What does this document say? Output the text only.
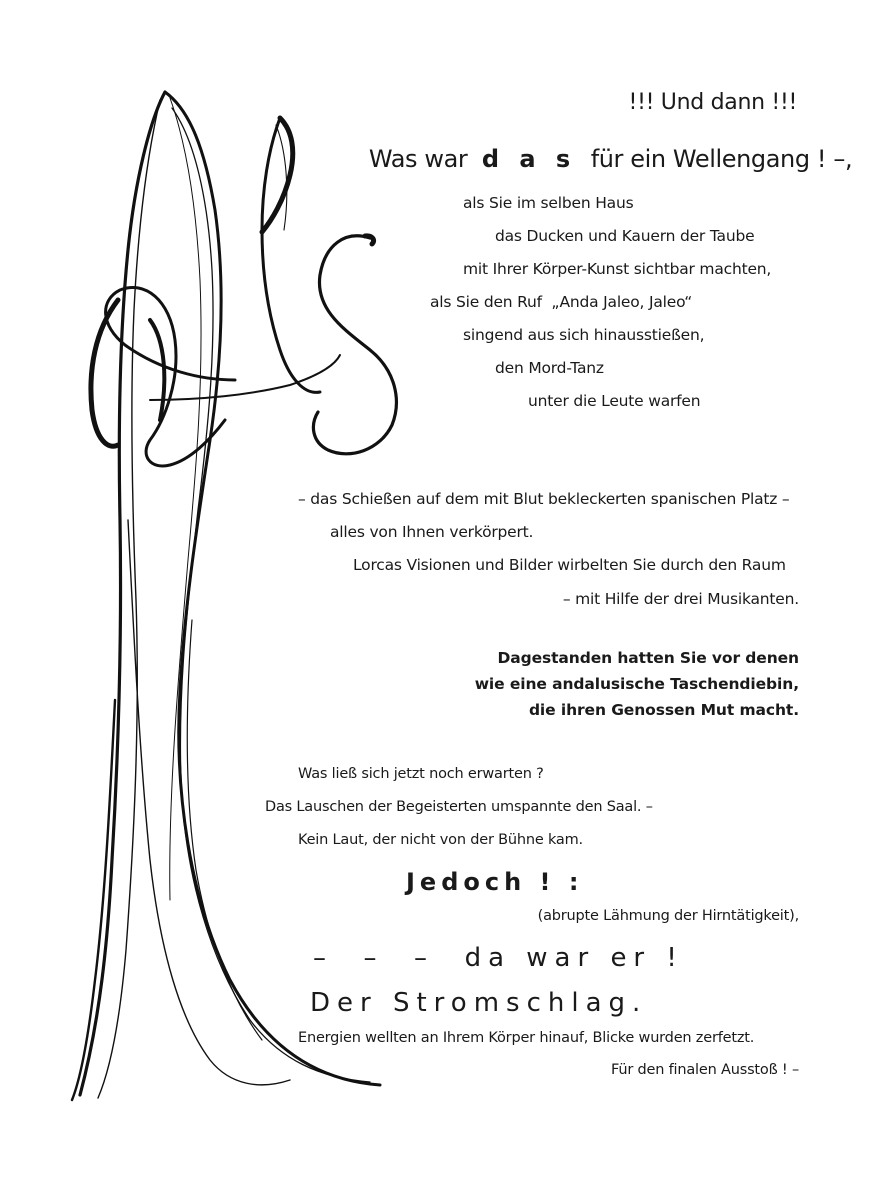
!!! Und dann !!!

Was war d a s für ein Wellengang ! –,

als Sie im selben Haus
das Ducken und Kauern der Taube
mit Ihrer Körper-Kunst sichtbar machten,
als Sie den Ruf  „Anda Jaleo, Jaleo“
singend aus sich hinausstießen,
den Mord-Tanz
unter die Leute warfen
– das Schießen auf dem mit Blut bekleckerten spanischen Platz –
alles von Ihnen verkörpert.
Lorcas Visionen und Bilder wirbelten Sie durch den Raum
– mit Hilfe der drei Musikanten.
Dagestanden hatten Sie vor denen
wie eine andalusische Taschendiebin,
die ihren Genossen Mut macht.
Was ließ sich jetzt noch erwarten ?
Das Lauschen der Begeisterten umspannte den Saal. –
Kein Laut, der nicht von der Bühne kam.
Jedoch ! :
(abrupte Lähmung der Hirntätigkeit),
–  –  –  da war er !
Der Stromschlag.
Energien wellten an Ihrem Körper hinauf, Blicke wurden zerfetzt.
Für den finalen Ausstoß ! –
